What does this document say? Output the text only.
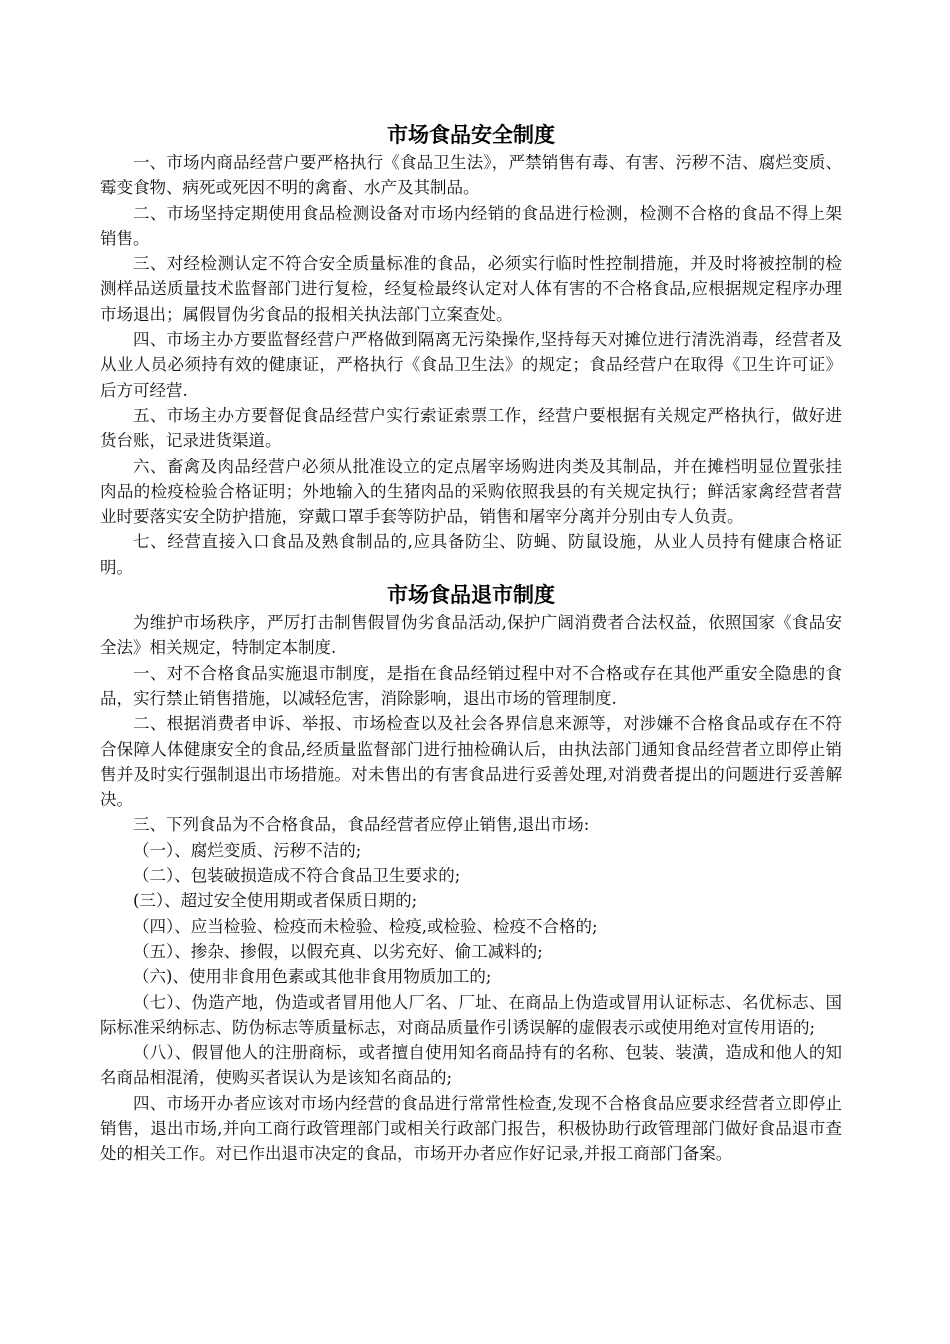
市场食品安全制度

一、市场内商品经营户要严格执行《食品卫生法》，严禁销售有毒、有害、污秽不洁、腐烂变质、霉变食物、病死或死因不明的禽畜、水产及其制品。

二、市场坚持定期使用食品检测设备对市场内经销的食品进行检测，检测不合格的食品不得上架销售。

三、对经检测认定不符合安全质量标准的食品，必须实行临时性控制措施，并及时将被控制的检测样品送质量技术监督部门进行复检，经复检最终认定对人体有害的不合格食品,应根据规定程序办理市场退出；属假冒伪劣食品的报相关执法部门立案查处。

四、市场主办方要监督经营户严格做到隔离无污染操作,坚持每天对摊位进行清洗消毒，经营者及从业人员必须持有效的健康证，严格执行《食品卫生法》的规定；食品经营户在取得《卫生许可证》后方可经营.

五、市场主办方要督促食品经营户实行索证索票工作，经营户要根据有关规定严格执行，做好进货台账，记录进货渠道。

六、畜禽及肉品经营户必须从批准设立的定点屠宰场购进肉类及其制品，并在摊档明显位置张挂肉品的检疫检验合格证明；外地输入的生猪肉品的采购依照我县的有关规定执行；鲜活家禽经营者营业时要落实安全防护措施，穿戴口罩手套等防护品，销售和屠宰分离并分别由专人负责。

七、经营直接入口食品及熟食制品的,应具备防尘、防蝇、防鼠设施，从业人员持有健康合格证明。

市场食品退市制度

为维护市场秩序，严厉打击制售假冒伪劣食品活动,保护广阔消费者合法权益，依照国家《食品安全法》相关规定，特制定本制度.

一、对不合格食品实施退市制度，是指在食品经销过程中对不合格或存在其他严重安全隐患的食品，实行禁止销售措施，以减轻危害，消除影响，退出市场的管理制度.

二、根据消费者申诉、举报、市场检查以及社会各界信息来源等，对涉嫌不合格食品或存在不符合保障人体健康安全的食品,经质量监督部门进行抽检确认后，由执法部门通知食品经营者立即停止销售并及时实行强制退出市场措施。对未售出的有害食品进行妥善处理,对消费者提出的问题进行妥善解决。

三、下列食品为不合格食品，食品经营者应停止销售,退出市场:

（一）、腐烂变质、污秽不洁的;

（二）、包装破损造成不符合食品卫生要求的;

(三）、超过安全使用期或者保质日期的;

（四）、应当检验、检疫而未检验、检疫,或检验、检疫不合格的;

（五）、掺杂、掺假，以假充真、以劣充好、偷工减料的;

（六)、使用非食用色素或其他非食用物质加工的;

（七）、伪造产地，伪造或者冒用他人厂名、厂址、在商品上伪造或冒用认证标志、名优标志、国际标准采纳标志、防伪标志等质量标志，对商品质量作引诱误解的虚假表示或使用绝对宣传用语的;

（八）、假冒他人的注册商标，或者擅自使用知名商品持有的名称、包装、装潢，造成和他人的知名商品相混淆，使购买者误认为是该知名商品的;

四、市场开办者应该对市场内经营的食品进行常常性检查,发现不合格食品应要求经营者立即停止销售，退出市场,并向工商行政管理部门或相关行政部门报告，积极协助行政管理部门做好食品退市查处的相关工作。对已作出退市决定的食品，市场开办者应作好记录,并报工商部门备案。
